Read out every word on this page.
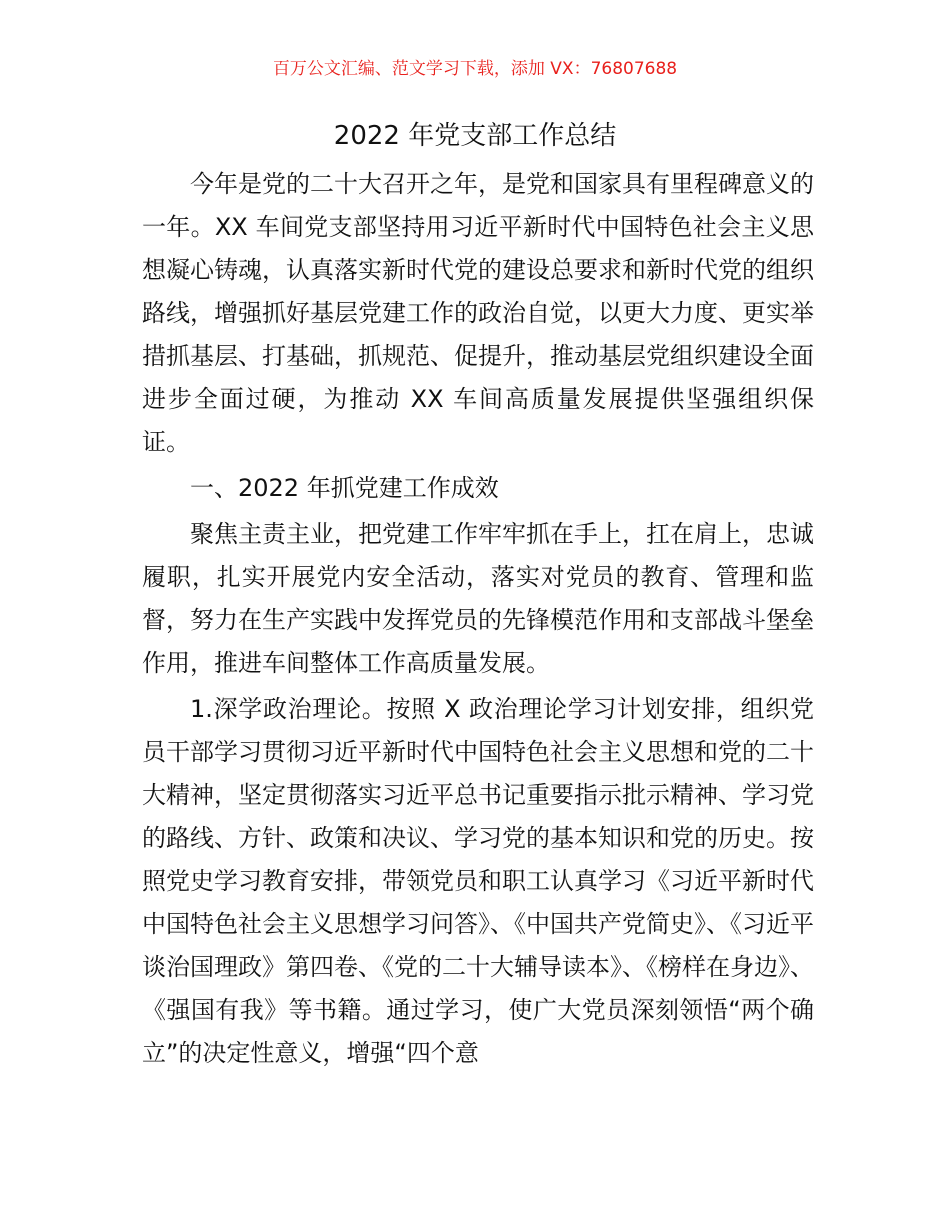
百万公文汇编、范文学习下载，添加 VX：76807688
2022 年党支部工作总结

今年是党的二十大召开之年，是党和国家具有里程碑意义的一年。XX 车间党支部坚持用习近平新时代中国特色社会主义思想凝心铸魂，认真落实新时代党的建设总要求和新时代党的组织路线，增强抓好基层党建工作的政治自觉，以更大力度、更实举措抓基层、打基础，抓规范、促提升，推动基层党组织建设全面进步全面过硬，为推动 XX 车间高质量发展提供坚强组织保证。

一、2022 年抓党建工作成效

聚焦主责主业，把党建工作牢牢抓在手上，扛在肩上，忠诚履职，扎实开展党内安全活动，落实对党员的教育、管理和监督，努力在生产实践中发挥党员的先锋模范作用和支部战斗堡垒作用，推进车间整体工作高质量发展。

1.深学政治理论。按照 X 政治理论学习计划安排，组织党员干部学习贯彻习近平新时代中国特色社会主义思想和党的二十大精神，坚定贯彻落实习近平总书记重要指示批示精神、学习党的路线、方针、政策和决议、学习党的基本知识和党的历史。按照党史学习教育安排，带领党员和职工认真学习《习近平新时代中国特色社会主义思想学习问答》、《中国共产党简史》、《习近平谈治国理政》第四卷、《党的二十大辅导读本》、《榜样在身边》、《强国有我》等书籍。通过学习，使广大党员深刻领悟“两个确立”的决定性意义，增强“四个意
